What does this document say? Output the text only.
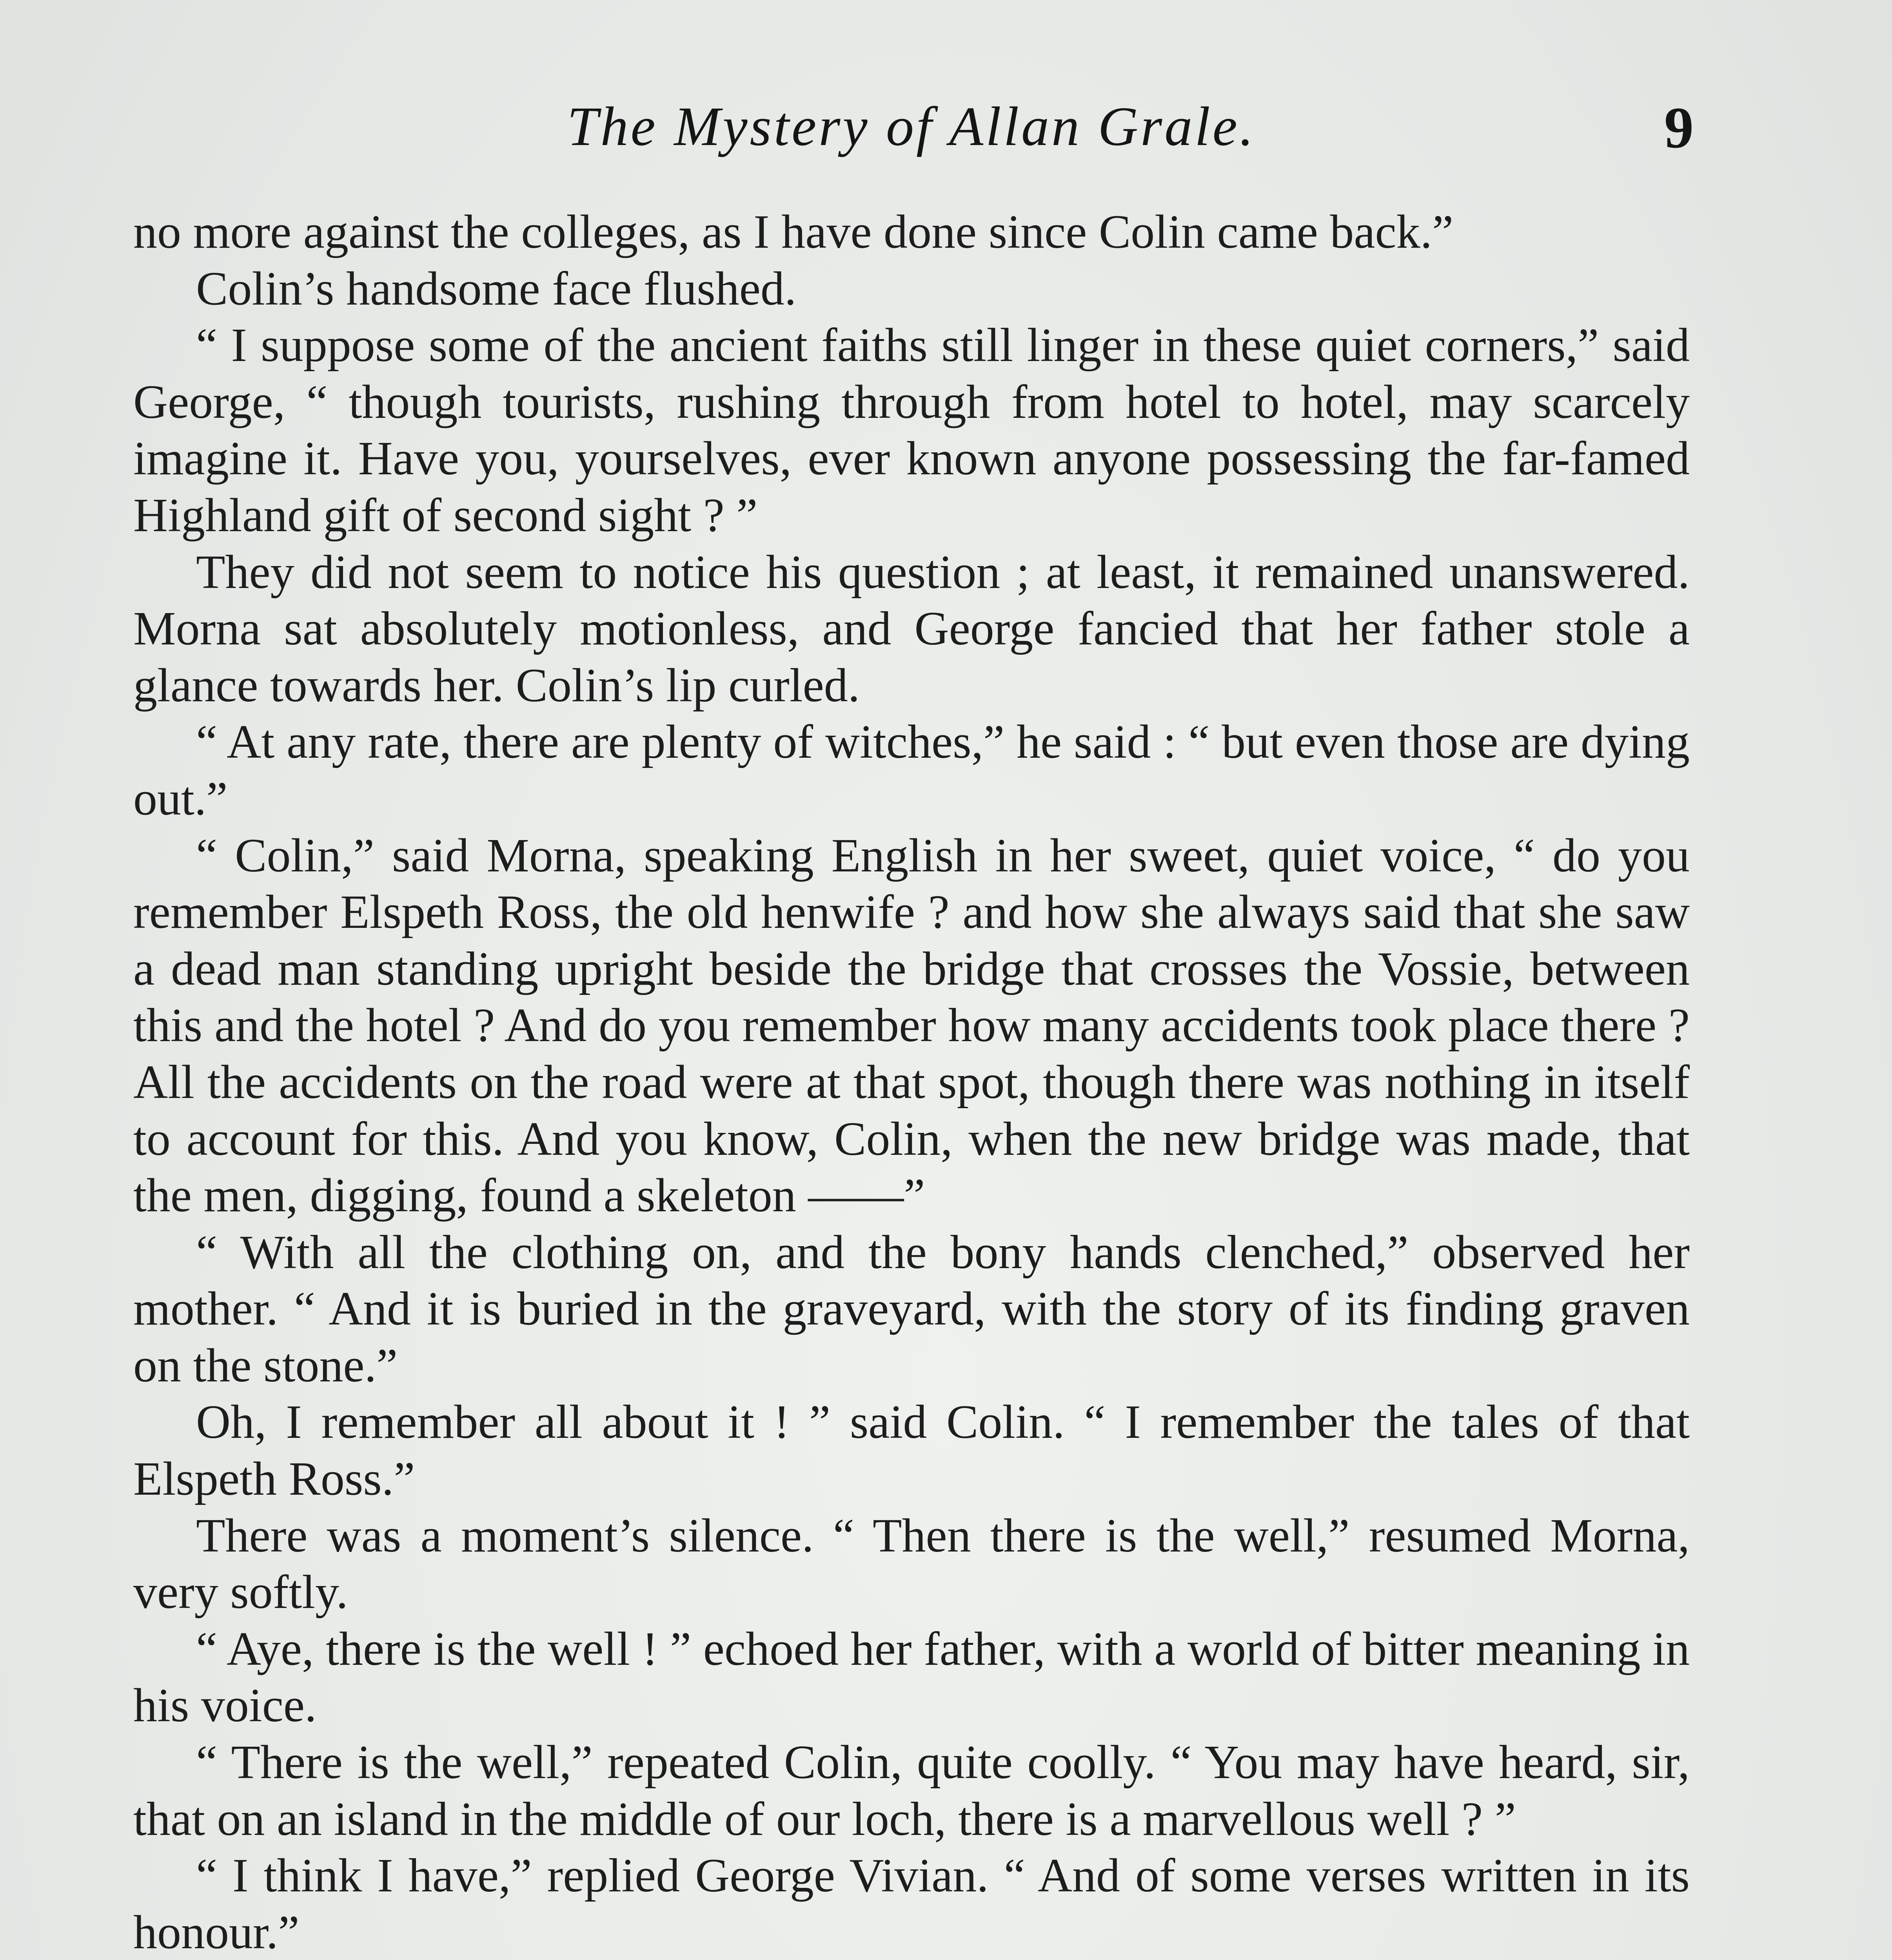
The Mystery of Allan Grale.	9

no more against the colleges, as I have done since Colin came back.”

Colin’s handsome face flushed.

“ I suppose some of the ancient faiths still linger in these quiet corners,” said George, “ though tourists, rushing through from hotel to hotel, may scarcely imagine it. Have you, yourselves, ever known anyone possessing the far-famed Highland gift of second sight ? ”

They did not seem to notice his question ; at least, it remained unanswered. Morna sat absolutely motionless, and George fancied that her father stole a glance towards her. Colin’s lip curled.

“ At any rate, there are plenty of witches,” he said : “ but even those are dying out.”

“ Colin,” said Morna, speaking English in her sweet, quiet voice, “ do you remember Elspeth Ross, the old henwife ? and how she always said that she saw a dead man standing upright beside the bridge that crosses the Vossie, between this and the hotel ? And do you remember how many accidents took place there ? All the accidents on the road were at that spot, though there was nothing in itself to account for this. And you know, Colin, when the new bridge was made, that the men, digging, found a skeleton ——”

“ With all the clothing on, and the bony hands clenched,” observed her mother. “ And it is buried in the graveyard, with the story of its finding graven on the stone.”

Oh, I remember all about it ! ” said Colin. “ I remember the tales of that Elspeth Ross.”

There was a moment’s silence. “ Then there is the well,” resumed Morna, very softly.

“ Aye, there is the well ! ” echoed her father, with a world of bitter meaning in his voice.

“ There is the well,” repeated Colin, quite coolly. “ You may have heard, sir, that on an island in the middle of our loch, there is a marvellous well ? ”

“ I think I have,” replied George Vivian. “ And of some verses written in its honour.”
